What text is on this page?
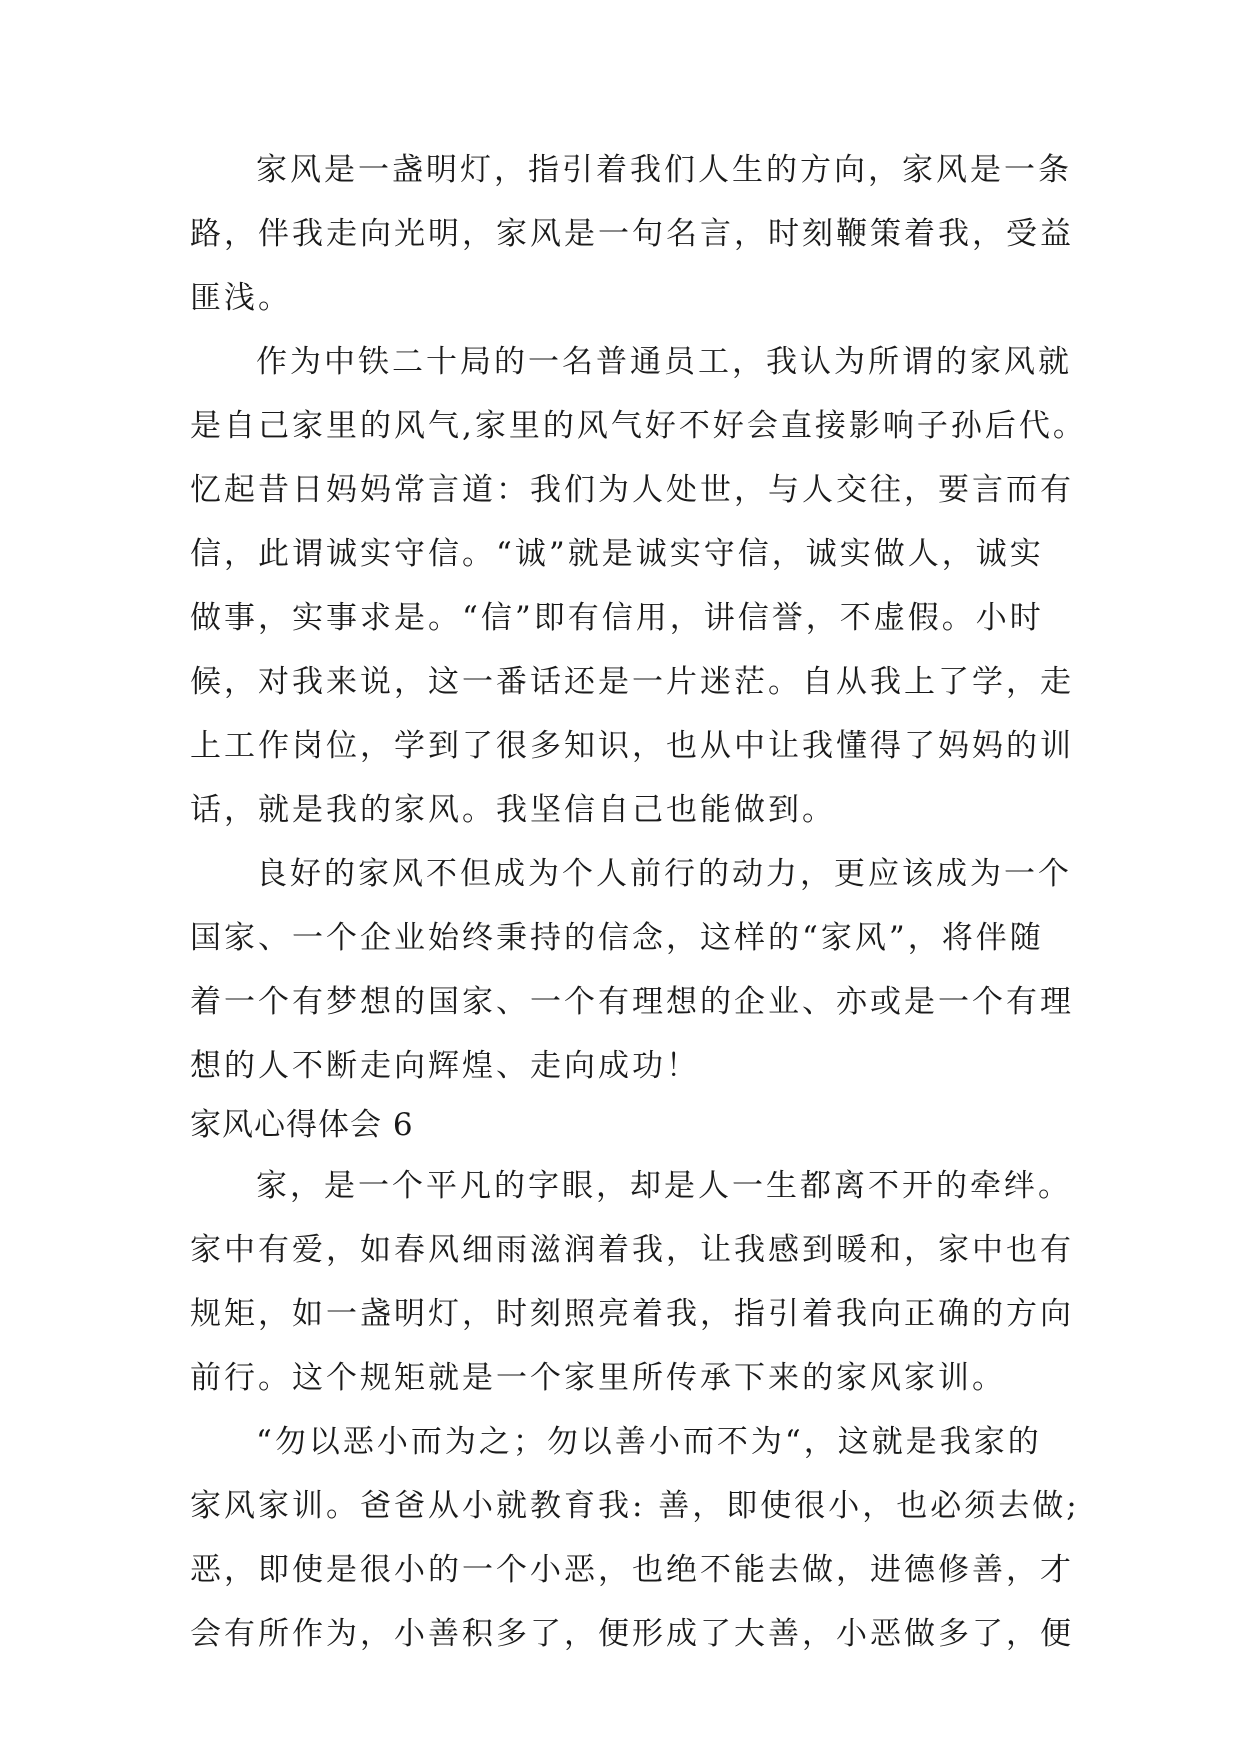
家风是一盏明灯，指引着我们人生的方向，家风是一条
路，伴我走向光明，家风是一句名言，时刻鞭策着我，受益
匪浅。
作为中铁二十局的一名普通员工，我认为所谓的家风就
是自己家里的风气,家里的风气好不好会直接影响子孙后代。
忆起昔日妈妈常言道：我们为人处世，与人交往，要言而有
信，此谓诚实守信。“诚”就是诚实守信，诚实做人，诚实
做事，实事求是。“信”即有信用，讲信誉，不虚假。小时
候，对我来说，这一番话还是一片迷茫。自从我上了学，走
上工作岗位，学到了很多知识，也从中让我懂得了妈妈的训
话，就是我的家风。我坚信自己也能做到。
良好的家风不但成为个人前行的动力，更应该成为一个
国家、一个企业始终秉持的信念，这样的“家风”，将伴随
着一个有梦想的国家、一个有理想的企业、亦或是一个有理
想的人不断走向辉煌、走向成功！
家风心得体会 6
家，是一个平凡的字眼，却是人一生都离不开的牵绊。
家中有爱，如春风细雨滋润着我，让我感到暖和，家中也有
规矩，如一盏明灯，时刻照亮着我，指引着我向正确的方向
前行。这个规矩就是一个家里所传承下来的家风家训。
“勿以恶小而为之；勿以善小而不为“，这就是我家的
家风家训。爸爸从小就教育我: 善，即使很小，也必须去做;
恶，即使是很小的一个小恶，也绝不能去做，进德修善，才
会有所作为，小善积多了，便形成了大善，小恶做多了，便
